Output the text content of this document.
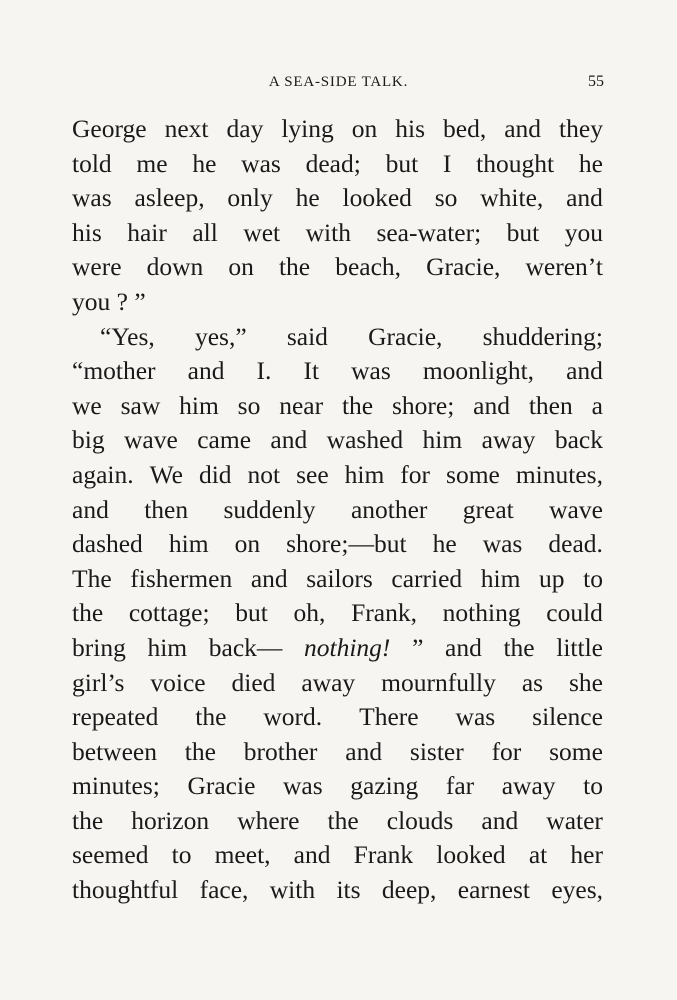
A SEA-SIDE TALK.	55
George next day lying on his bed, and they
told me he was dead; but I thought he
was asleep, only he looked so white, and
his hair all wet with sea-water; but you
were down on the beach, Gracie, weren’t
you ? ”
“Yes, yes,” said Gracie, shuddering;
“mother and I. It was moonlight, and
we saw him so near the shore; and then a
big wave came and washed him away back
again. We did not see him for some minutes,
and then suddenly another great wave
dashed him on shore;—but he was dead.
The fishermen and sailors carried him up to
the cottage; but oh, Frank, nothing could
bring him back— nothing! ” and the little
girl’s voice died away mournfully as she
repeated the word. There was silence
between the brother and sister for some
minutes; Gracie was gazing far away to
the horizon where the clouds and water
seemed to meet, and Frank looked at her
thoughtful face, with its deep, earnest eyes,
